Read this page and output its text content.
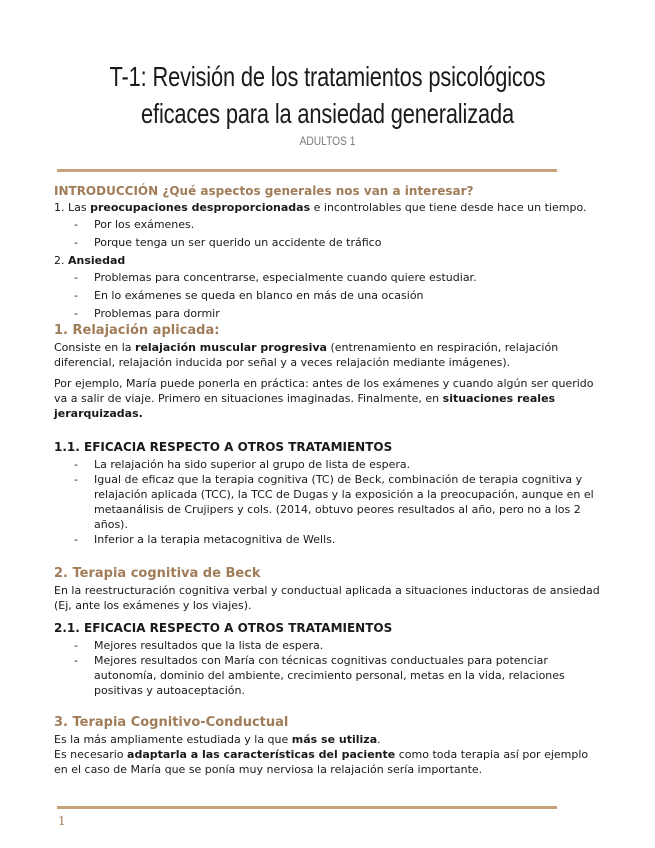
T-1: Revisión de los tratamientos psicológicos
eficaces para la ansiedad generalizada
ADULTOS 1

INTRODUCCIÓN ¿Qué aspectos generales nos van a interesar?

1. Las preocupaciones desproporcionadas e incontrolables que tiene desde hace un tiempo.

- Por los exámenes.
- Porque tenga un ser querido un accidente de tráfico

2. Ansiedad

- Problemas para concentrarse, especialmente cuando quiere estudiar.
- En lo exámenes se queda en blanco en más de una ocasión
- Problemas para dormir

1. Relajación aplicada:

Consiste en la relajación muscular progresiva (entrenamiento en respiración, relajación diferencial, relajación inducida por señal y a veces relajación mediante imágenes).

Por ejemplo, María puede ponerla en práctica: antes de los exámenes y cuando algún ser querido va a salir de viaje. Primero en situaciones imaginadas. Finalmente, en situaciones reales jerarquizadas.

1.1. EFICACIA RESPECTO A OTROS TRATAMIENTOS

- La relajación ha sido superior al grupo de lista de espera.
- Igual de eficaz que la terapia cognitiva (TC) de Beck, combinación de terapia cognitiva y relajación aplicada (TCC), la TCC de Dugas y la exposición a la preocupación, aunque en el metaanálisis de Crujipers y cols. (2014, obtuvo peores resultados al año, pero no a los 2 años).
- Inferior a la terapia metacognitiva de Wells.

2. Terapia cognitiva de Beck

En la reestructuración cognitiva verbal y conductual aplicada a situaciones inductoras de ansiedad (Ej, ante los exámenes y los viajes).

2.1. EFICACIA RESPECTO A OTROS TRATAMIENTOS

- Mejores resultados que la lista de espera.
- Mejores resultados con María con técnicas cognitivas conductuales para potenciar autonomía, dominio del ambiente, crecimiento personal, metas en la vida, relaciones positivas y autoaceptación.

3. Terapia Cognitivo-Conductual

Es la más ampliamente estudiada y la que más se utiliza.

Es necesario adaptarla a las características del paciente como toda terapia así por ejemplo en el caso de María que se ponía muy nerviosa la relajación sería importante.

1
